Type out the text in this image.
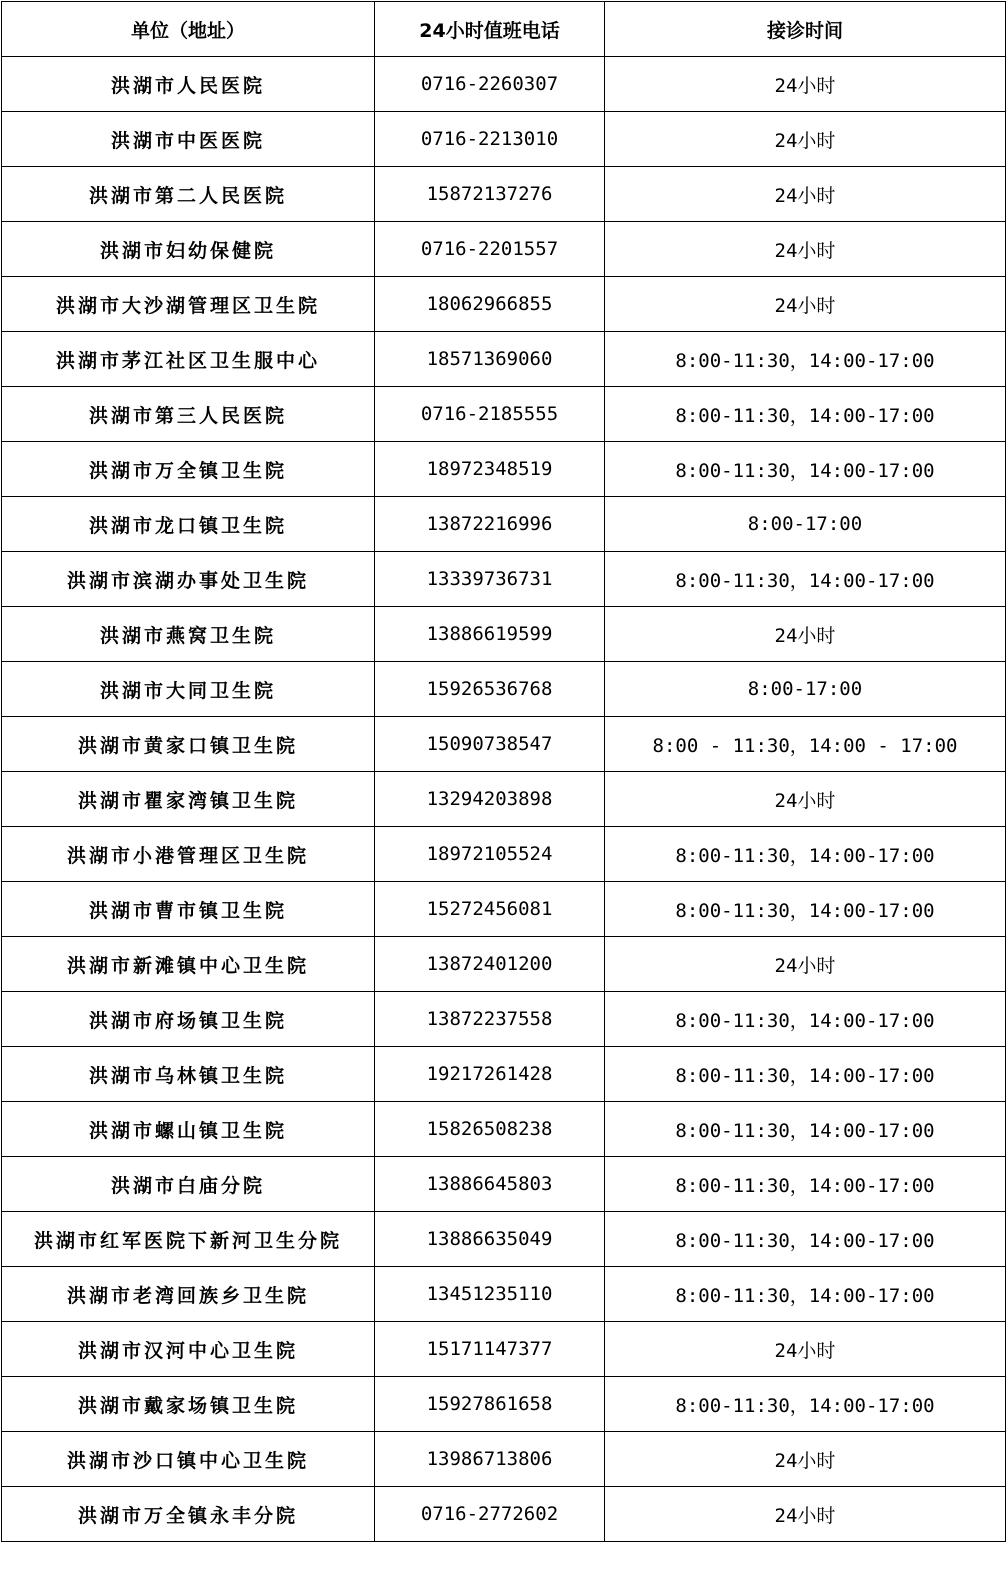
单位（地址）	24小时值班电话	接诊时间
洪湖市人民医院	0716-2260307	24小时
洪湖市中医医院	0716-2213010	24小时
洪湖市第二人民医院	15872137276	24小时
洪湖市妇幼保健院	0716-2201557	24小时
洪湖市大沙湖管理区卫生院	18062966855	24小时
洪湖市茅江社区卫生服中心	18571369060	8:00-11:30，14:00-17:00
洪湖市第三人民医院	0716-2185555	8:00-11:30，14:00-17:00
洪湖市万全镇卫生院	18972348519	8:00-11:30，14:00-17:00
洪湖市龙口镇卫生院	13872216996	8:00-17:00
洪湖市滨湖办事处卫生院	13339736731	8:00-11:30，14:00-17:00
洪湖市燕窝卫生院	13886619599	24小时
洪湖市大同卫生院	15926536768	8:00-17:00
洪湖市黄家口镇卫生院	15090738547	8:00 - 11:30，14:00 - 17:00
洪湖市瞿家湾镇卫生院	13294203898	24小时
洪湖市小港管理区卫生院	18972105524	8:00-11:30，14:00-17:00
洪湖市曹市镇卫生院	15272456081	8:00-11:30，14:00-17:00
洪湖市新滩镇中心卫生院	13872401200	24小时
洪湖市府场镇卫生院	13872237558	8:00-11:30，14:00-17:00
洪湖市乌林镇卫生院	19217261428	8:00-11:30，14:00-17:00
洪湖市螺山镇卫生院	15826508238	8:00-11:30，14:00-17:00
洪湖市白庙分院	13886645803	8:00-11:30，14:00-17:00
洪湖市红军医院下新河卫生分院	13886635049	8:00-11:30，14:00-17:00
洪湖市老湾回族乡卫生院	13451235110	8:00-11:30，14:00-17:00
洪湖市汉河中心卫生院	15171147377	24小时
洪湖市戴家场镇卫生院	15927861658	8:00-11:30，14:00-17:00
洪湖市沙口镇中心卫生院	13986713806	24小时
洪湖市万全镇永丰分院	0716-2772602	24小时
